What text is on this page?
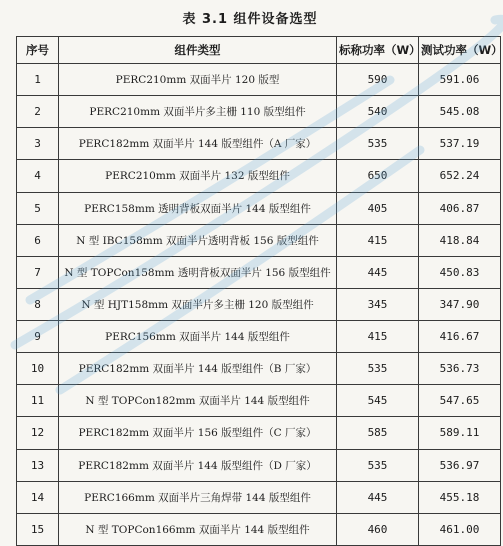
表 3.1 组件设备选型
序号	组件类型	标称功率（W）	测试功率（W）
1	PERC210mm 双面半片 120 版型	590	591.06
2	PERC210mm 双面半片多主栅 110 版型组件	540	545.08
3	PERC182mm 双面半片 144 版型组件（A 厂家）	535	537.19
4	PERC210mm 双面半片 132 版型组件	650	652.24
5	PERC158mm 透明背板双面半片 144 版型组件	405	406.87
6	N 型 IBC158mm 双面半片透明背板 156 版型组件	415	418.84
7	N 型 TOPCon158mm 透明背板双面半片 156 版型组件	445	450.83
8	N 型 HJT158mm 双面半片多主栅 120 版型组件	345	347.90
9	PERC156mm 双面半片 144 版型组件	415	416.67
10	PERC182mm 双面半片 144 版型组件（B 厂家）	535	536.73
11	N 型 TOPCon182mm 双面半片 144 版型组件	545	547.65
12	PERC182mm 双面半片 156 版型组件（C 厂家）	585	589.11
13	PERC182mm 双面半片 144 版型组件（D 厂家）	535	536.97
14	PERC166mm 双面半片三角焊带 144 版型组件	445	455.18
15	N 型 TOPCon166mm 双面半片 144 版型组件	460	461.00
